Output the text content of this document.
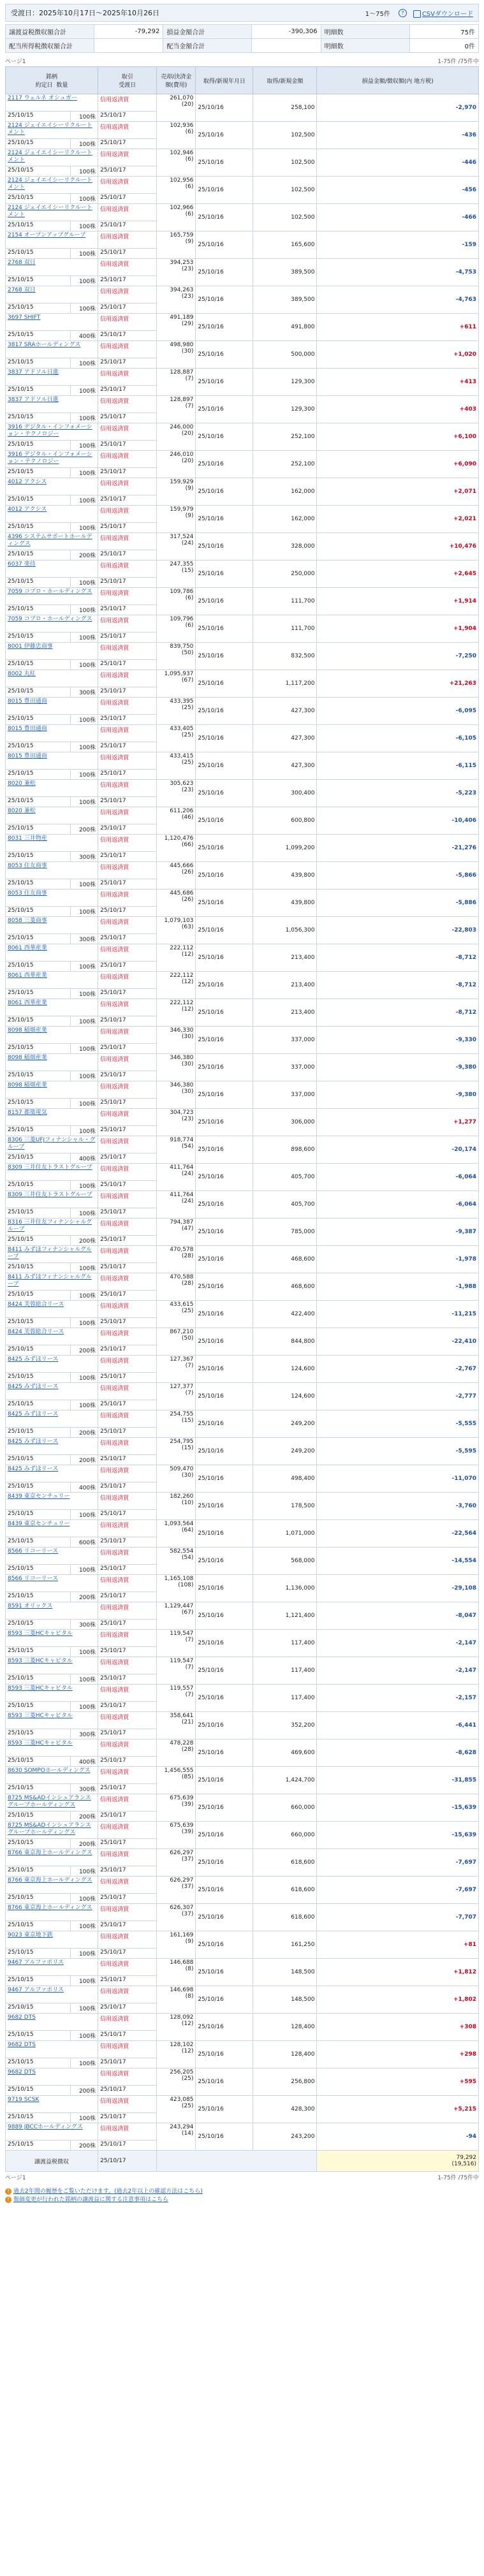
受渡日：2025年10月17日〜2025年10月26日	1〜75件	?	CSVダウンロード
譲渡益税徴収額合計	-79,292	損益金額合計	-390,306	明細数	75件
配当所得税徴収額合計		配当金額合計		明細数	0件
ページ1	1-75件 /75件中
銘柄
約定日 数量		取引
受渡日	売却/決済金額(費用)	取得/新規年月日	取得/新規金額	損益金額/徴収額(内 地方税)

2117 ウェルネ オシュガー		信用返済買	261,070
(20)	25/10/16	258,100	-2,970
25/10/15	100株	25/10/17				

2124 ジェイエイシーリクルートメント		信用返済買	102,936
(6)	25/10/16	102,500	-436
25/10/15	100株	25/10/17				

2124 ジェイエイシーリクルートメント		信用返済買	102,946
(6)	25/10/16	102,500	-446
25/10/15	100株	25/10/17				

2124 ジェイエイシーリクルートメント		信用返済買	102,956
(6)	25/10/16	102,500	-456
25/10/15	100株	25/10/17				

2124 ジェイエイシーリクルートメント		信用返済買	102,966
(6)	25/10/16	102,500	-466
25/10/15	100株	25/10/17				

2154 オープンアップグループ		信用返済買	165,759
(9)	25/10/16	165,600	-159
25/10/15	100株	25/10/17				

2768 双日		信用返済買	394,253
(23)	25/10/16	389,500	-4,753
25/10/15	100株	25/10/17				

2768 双日		信用返済買	394,263
(23)	25/10/16	389,500	-4,763
25/10/15	100株	25/10/17				

3697 SHIFT		信用返済買	491,189
(29)	25/10/16	491,800	+611
25/10/15	400株	25/10/17				

3817 SRAホールディングス		信用返済買	498,980
(30)	25/10/16	500,000	+1,020
25/10/15	100株	25/10/17				

3837 アドソル日進		信用返済買	128,887
(7)	25/10/16	129,300	+413
25/10/15	100株	25/10/17				

3837 アドソル日進		信用返済買	128,897
(7)	25/10/16	129,300	+403
25/10/15	100株	25/10/17				

3916 デジタル・インフォメーション・テクノロジー		信用返済買	246,000
(20)	25/10/16	252,100	+6,100
25/10/15	100株	25/10/17				

3916 デジタル・インフォメーション・テクノロジー		信用返済買	246,010
(20)	25/10/16	252,100	+6,090
25/10/15	100株	25/10/17				

4012 アクシス		信用返済買	159,929
(9)	25/10/16	162,000	+2,071
25/10/15	100株	25/10/17				

4012 アクシス		信用返済買	159,979
(9)	25/10/16	162,000	+2,021
25/10/15	100株	25/10/17				

4396 システムサポートホールディングス		信用返済買	317,524
(24)	25/10/16	328,000	+10,476
25/10/15	200株	25/10/17				

6037 楽待		信用返済買	247,355
(15)	25/10/16	250,000	+2,645
25/10/15	100株	25/10/17				

7059 コプロ・ホールディングス		信用返済買	109,786
(6)	25/10/16	111,700	+1,914
25/10/15	100株	25/10/17				

7059 コプロ・ホールディングス		信用返済買	109,796
(6)	25/10/16	111,700	+1,904
25/10/15	100株	25/10/17				

8001 伊藤忠商事		信用返済買	839,750
(50)	25/10/16	832,500	-7,250
25/10/15	100株	25/10/17				

8002 丸紅		信用返済買	1,095,937
(67)	25/10/16	1,117,200	+21,263
25/10/15	300株	25/10/17				

8015 豊田通商		信用返済買	433,395
(25)	25/10/16	427,300	-6,095
25/10/15	100株	25/10/17				

8015 豊田通商		信用返済買	433,405
(25)	25/10/16	427,300	-6,105
25/10/15	100株	25/10/17				

8015 豊田通商		信用返済買	433,415
(25)	25/10/16	427,300	-6,115
25/10/15	100株	25/10/17				

8020 兼松		信用返済買	305,623
(23)	25/10/16	300,400	-5,223
25/10/15	100株	25/10/17				

8020 兼松		信用返済買	611,206
(46)	25/10/16	600,800	-10,406
25/10/15	200株	25/10/17				

8031 三井物産		信用返済買	1,120,476
(66)	25/10/16	1,099,200	-21,276
25/10/15	300株	25/10/17				

8053 住友商事		信用返済買	445,666
(26)	25/10/16	439,800	-5,866
25/10/15	100株	25/10/17				

8053 住友商事		信用返済買	445,686
(26)	25/10/16	439,800	-5,886
25/10/15	100株	25/10/17				

8058 三菱商事		信用返済買	1,079,103
(63)	25/10/16	1,056,300	-22,803
25/10/15	300株	25/10/17				

8061 西華産業		信用返済買	222,112
(12)	25/10/16	213,400	-8,712
25/10/15	100株	25/10/17				

8061 西華産業		信用返済買	222,112
(12)	25/10/16	213,400	-8,712
25/10/15	100株	25/10/17				

8061 西華産業		信用返済買	222,112
(12)	25/10/16	213,400	-8,712
25/10/15	100株	25/10/17				

8098 稲畑産業		信用返済買	346,330
(30)	25/10/16	337,000	-9,330
25/10/15	100株	25/10/17				

8098 稲畑産業		信用返済買	346,380
(30)	25/10/16	337,000	-9,380
25/10/15	100株	25/10/17				

8098 稲畑産業		信用返済買	346,380
(30)	25/10/16	337,000	-9,380
25/10/15	100株	25/10/17				

8157 都築電気		信用返済買	304,723
(23)	25/10/16	306,000	+1,277
25/10/15	100株	25/10/17				

8306 三菱UFJフィナンシャル・グループ		信用返済買	918,774
(54)	25/10/16	898,600	-20,174
25/10/15	400株	25/10/17				

8309 三井住友トラストグループ		信用返済買	411,764
(24)	25/10/16	405,700	-6,064
25/10/15	100株	25/10/17				

8309 三井住友トラストグループ		信用返済買	411,764
(24)	25/10/16	405,700	-6,064
25/10/15	100株	25/10/17				

8316 三井住友フィナンシャルグループ		信用返済買	794,387
(47)	25/10/16	785,000	-9,387
25/10/15	200株	25/10/17				

8411 みずほフィナンシャルグループ		信用返済買	470,578
(28)	25/10/16	468,600	-1,978
25/10/15	100株	25/10/17				

8411 みずほフィナンシャルグループ		信用返済買	470,588
(28)	25/10/16	468,600	-1,988
25/10/15	100株	25/10/17				

8424 芙蓉総合リース		信用返済買	433,615
(25)	25/10/16	422,400	-11,215
25/10/15	100株	25/10/17				

8424 芙蓉総合リース		信用返済買	867,210
(50)	25/10/16	844,800	-22,410
25/10/15	200株	25/10/17				

8425 みずほリース		信用返済買	127,367
(7)	25/10/16	124,600	-2,767
25/10/15	100株	25/10/17				

8425 みずほリース		信用返済買	127,377
(7)	25/10/16	124,600	-2,777
25/10/15	100株	25/10/17				

8425 みずほリース		信用返済買	254,755
(15)	25/10/16	249,200	-5,555
25/10/15	200株	25/10/17				

8425 みずほリース		信用返済買	254,795
(15)	25/10/16	249,200	-5,595
25/10/15	200株	25/10/17				

8425 みずほリース		信用返済買	509,470
(30)	25/10/16	498,400	-11,070
25/10/15	400株	25/10/17				

8439 東京センチュリー		信用返済買	182,260
(10)	25/10/16	178,500	-3,760
25/10/15	100株	25/10/17				

8439 東京センチュリー		信用返済買	1,093,564
(64)	25/10/16	1,071,000	-22,564
25/10/15	600株	25/10/17				

8566 リコーリース		信用返済買	582,554
(54)	25/10/16	568,000	-14,554
25/10/15	100株	25/10/17				

8566 リコーリース		信用返済買	1,165,108
(108)	25/10/16	1,136,000	-29,108
25/10/15	200株	25/10/17				

8591 オリックス		信用返済買	1,129,447
(67)	25/10/16	1,121,400	-8,047
25/10/15	300株	25/10/17				

8593 三菱HCキャピタル		信用返済買	119,547
(7)	25/10/16	117,400	-2,147
25/10/15	100株	25/10/17				

8593 三菱HCキャピタル		信用返済買	119,547
(7)	25/10/16	117,400	-2,147
25/10/15	100株	25/10/17				

8593 三菱HCキャピタル		信用返済買	119,557
(7)	25/10/16	117,400	-2,157
25/10/15	100株	25/10/17				

8593 三菱HCキャピタル		信用返済買	358,641
(21)	25/10/16	352,200	-6,441
25/10/15	300株	25/10/17				

8593 三菱HCキャピタル		信用返済買	478,228
(28)	25/10/16	469,600	-8,628
25/10/15	400株	25/10/17				

8630 SOMPOホールディングス		信用返済買	1,456,555
(85)	25/10/16	1,424,700	-31,855
25/10/15	300株	25/10/17				

8725 MS&ADインシュアランスグループホールディングス		信用返済買	675,639
(39)	25/10/16	660,000	-15,639
25/10/15	200株	25/10/17				

8725 MS&ADインシュアランスグループホールディングス		信用返済買	675,639
(39)	25/10/16	660,000	-15,639
25/10/15	200株	25/10/17				

8766 東京海上ホールディングス		信用返済買	626,297
(37)	25/10/16	618,600	-7,697
25/10/15	100株	25/10/17				

8766 東京海上ホールディングス		信用返済買	626,297
(37)	25/10/16	618,600	-7,697
25/10/15	100株	25/10/17				

8766 東京海上ホールディングス		信用返済買	626,307
(37)	25/10/16	618,600	-7,707
25/10/15	100株	25/10/17				

9023 東京地下鉄		信用返済買	161,169
(9)	25/10/16	161,250	+81
25/10/15	100株	25/10/17				

9467 アルファポリス		信用返済買	146,688
(8)	25/10/16	148,500	+1,812
25/10/15	100株	25/10/17				

9467 アルファポリス		信用返済買	146,698
(8)	25/10/16	148,500	+1,802
25/10/15	100株	25/10/17				

9682 DTS		信用返済買	128,092
(12)	25/10/16	128,400	+308
25/10/15	100株	25/10/17				

9682 DTS		信用返済買	128,102
(12)	25/10/16	128,400	+298
25/10/15	100株	25/10/17				

9682 DTS		信用返済買	256,205
(25)	25/10/16	256,800	+595
25/10/15	200株	25/10/17				

9719 SCSK		信用返済買	423,085
(25)	25/10/16	428,300	+5,215
25/10/15	100株	25/10/17				

9889 JBCCホールディングス		信用返済買	243,294
(14)	25/10/16	243,200	-94
25/10/15	200株	25/10/17				
譲渡益税徴収		25/10/17				79,292
(19,516)
ページ1	1-75件 /75件中
! 過去2年間の履歴をご覧いただけます。(過去2年以上の確認方法はこちら)
! 報価変更が行われた銘柄の譲渡益に関する注意事項はこちら
